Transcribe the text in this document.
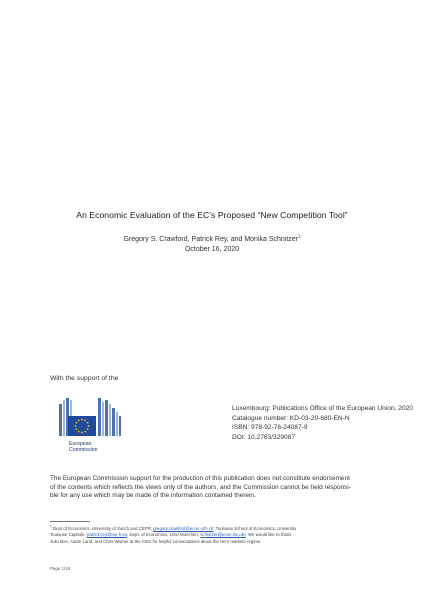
An Economic Evaluation of the EC’s Proposed “New Competition Tool”
Gregory S. Crawford, Patrick Rey, and Monika Schnitzer$^1$
October 16, 2020
With the support of the
European
Commission
Luxembourg: Publications Office of the European Union, 2020
Catalogue number: KD-03-20-680-EN-N
ISBN: 978-92-76-24087-9
DOI: 10.2763/329087
The European Commission support for the production of this publication does not constitute endorsement
of the contents which reflects the views only of the authors, and the Commission cannot be held responsi-
ble for any use which may be made of the information contained therein.
$^1$ Dept of Economics, University of Zurich and CEPR, gregory.crawford@econ.uzh.ch; Toulouse School of Economics, University
Toulouse Capitole, patrick.rey@tse-fr.eu; Dept. of Economics, LMU Munchen, schnitzer@econ.lmu.de. We would like to thank
Julio Bon, Adam Land, and Chris Warner at the CMA for helpful conversations about the UK’s markets regime.
Page 1/19
